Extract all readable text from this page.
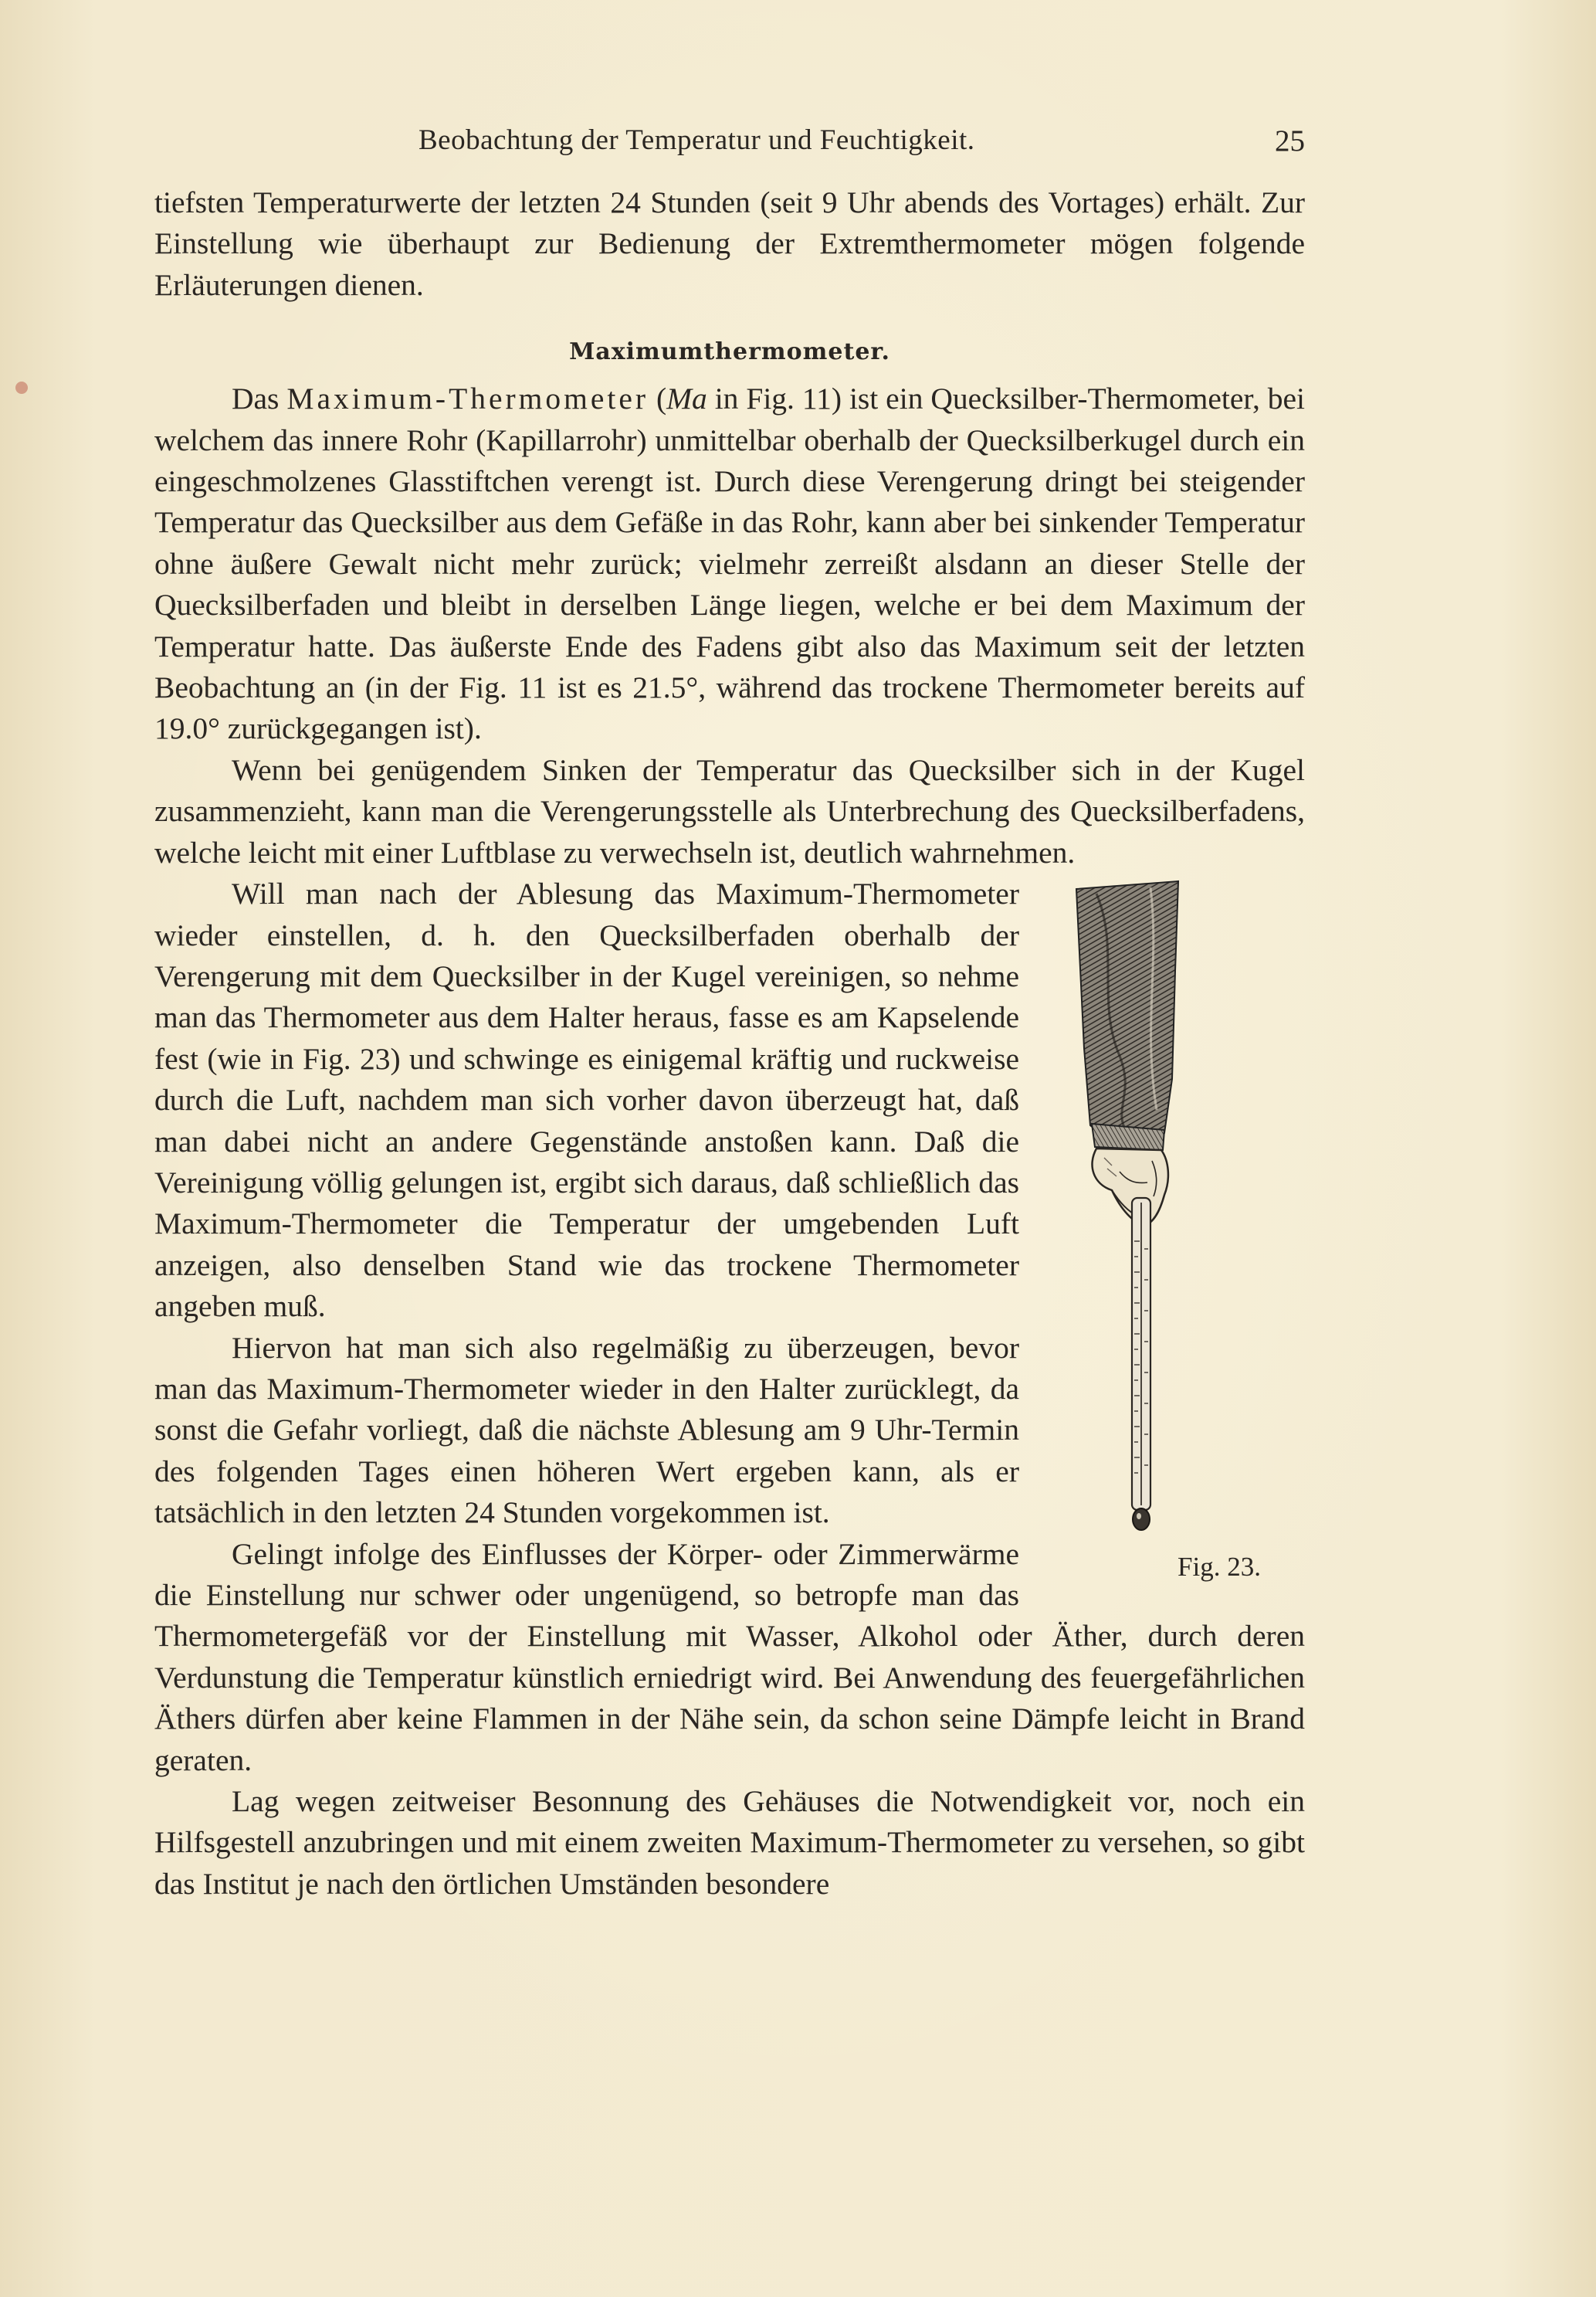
Beobachtung der Temperatur und Feuchtigkeit.	25

tiefsten Temperaturwerte der letzten 24 Stunden (seit 9 Uhr abends des Vortages) erhält. Zur Einstellung wie überhaupt zur Bedienung der Extremthermometer mögen folgende Erläuterungen dienen.

Maximumthermometer.

Das Maximum-Thermometer (Ma in Fig. 11) ist ein Quecksilber-Thermometer, bei welchem das innere Rohr (Kapillarrohr) unmittelbar oberhalb der Quecksilberkugel durch ein eingeschmolzenes Glasstiftchen verengt ist. Durch diese Verengerung dringt bei steigender Temperatur das Quecksilber aus dem Gefäße in das Rohr, kann aber bei sinkender Temperatur ohne äußere Gewalt nicht mehr zurück; vielmehr zerreißt alsdann an dieser Stelle der Quecksilberfaden und bleibt in derselben Länge liegen, welche er bei dem Maximum der Temperatur hatte. Das äußerste Ende des Fadens gibt also das Maximum seit der letzten Beobachtung an (in der Fig. 11 ist es 21.5°, während das trockene Thermometer bereits auf 19.0° zurückgegangen ist).

Wenn bei genügendem Sinken der Temperatur das Quecksilber sich in der Kugel zusammenzieht, kann man die Verengerungsstelle als Unterbrechung des Quecksilberfadens, welche leicht mit einer Luftblase zu verwechseln ist, deutlich wahrnehmen.

Fig. 23.

Will man nach der Ablesung das Maximum-Thermometer wieder einstellen, d. h. den Quecksilberfaden oberhalb der Verengerung mit dem Quecksilber in der Kugel vereinigen, so nehme man das Thermometer aus dem Halter heraus, fasse es am Kapselende fest (wie in Fig. 23) und schwinge es einigemal kräftig und ruckweise durch die Luft, nachdem man sich vorher davon überzeugt hat, daß man dabei nicht an andere Gegenstände anstoßen kann. Daß die Vereinigung völlig gelungen ist, ergibt sich daraus, daß schließlich das Maximum-Thermometer die Temperatur der umgebenden Luft anzeigen, also denselben Stand wie das trockene Thermometer angeben muß.

Hiervon hat man sich also regelmäßig zu überzeugen, bevor man das Maximum-Thermometer wieder in den Halter zurücklegt, da sonst die Gefahr vorliegt, daß die nächste Ablesung am 9 Uhr-Termin des folgenden Tages einen höheren Wert ergeben kann, als er tatsächlich in den letzten 24 Stunden vorgekommen ist.

Gelingt infolge des Einflusses der Körper- oder Zimmerwärme die Einstellung nur schwer oder ungenügend, so betropfe man das Thermometergefäß vor der Einstellung mit Wasser, Alkohol oder Äther, durch deren Verdunstung die Temperatur künstlich erniedrigt wird. Bei Anwendung des feuergefährlichen Äthers dürfen aber keine Flammen in der Nähe sein, da schon seine Dämpfe leicht in Brand geraten.

Lag wegen zeitweiser Besonnung des Gehäuses die Notwendigkeit vor, noch ein Hilfsgestell anzubringen und mit einem zweiten Maximum-Thermometer zu versehen, so gibt das Institut je nach den örtlichen Umständen besondere
